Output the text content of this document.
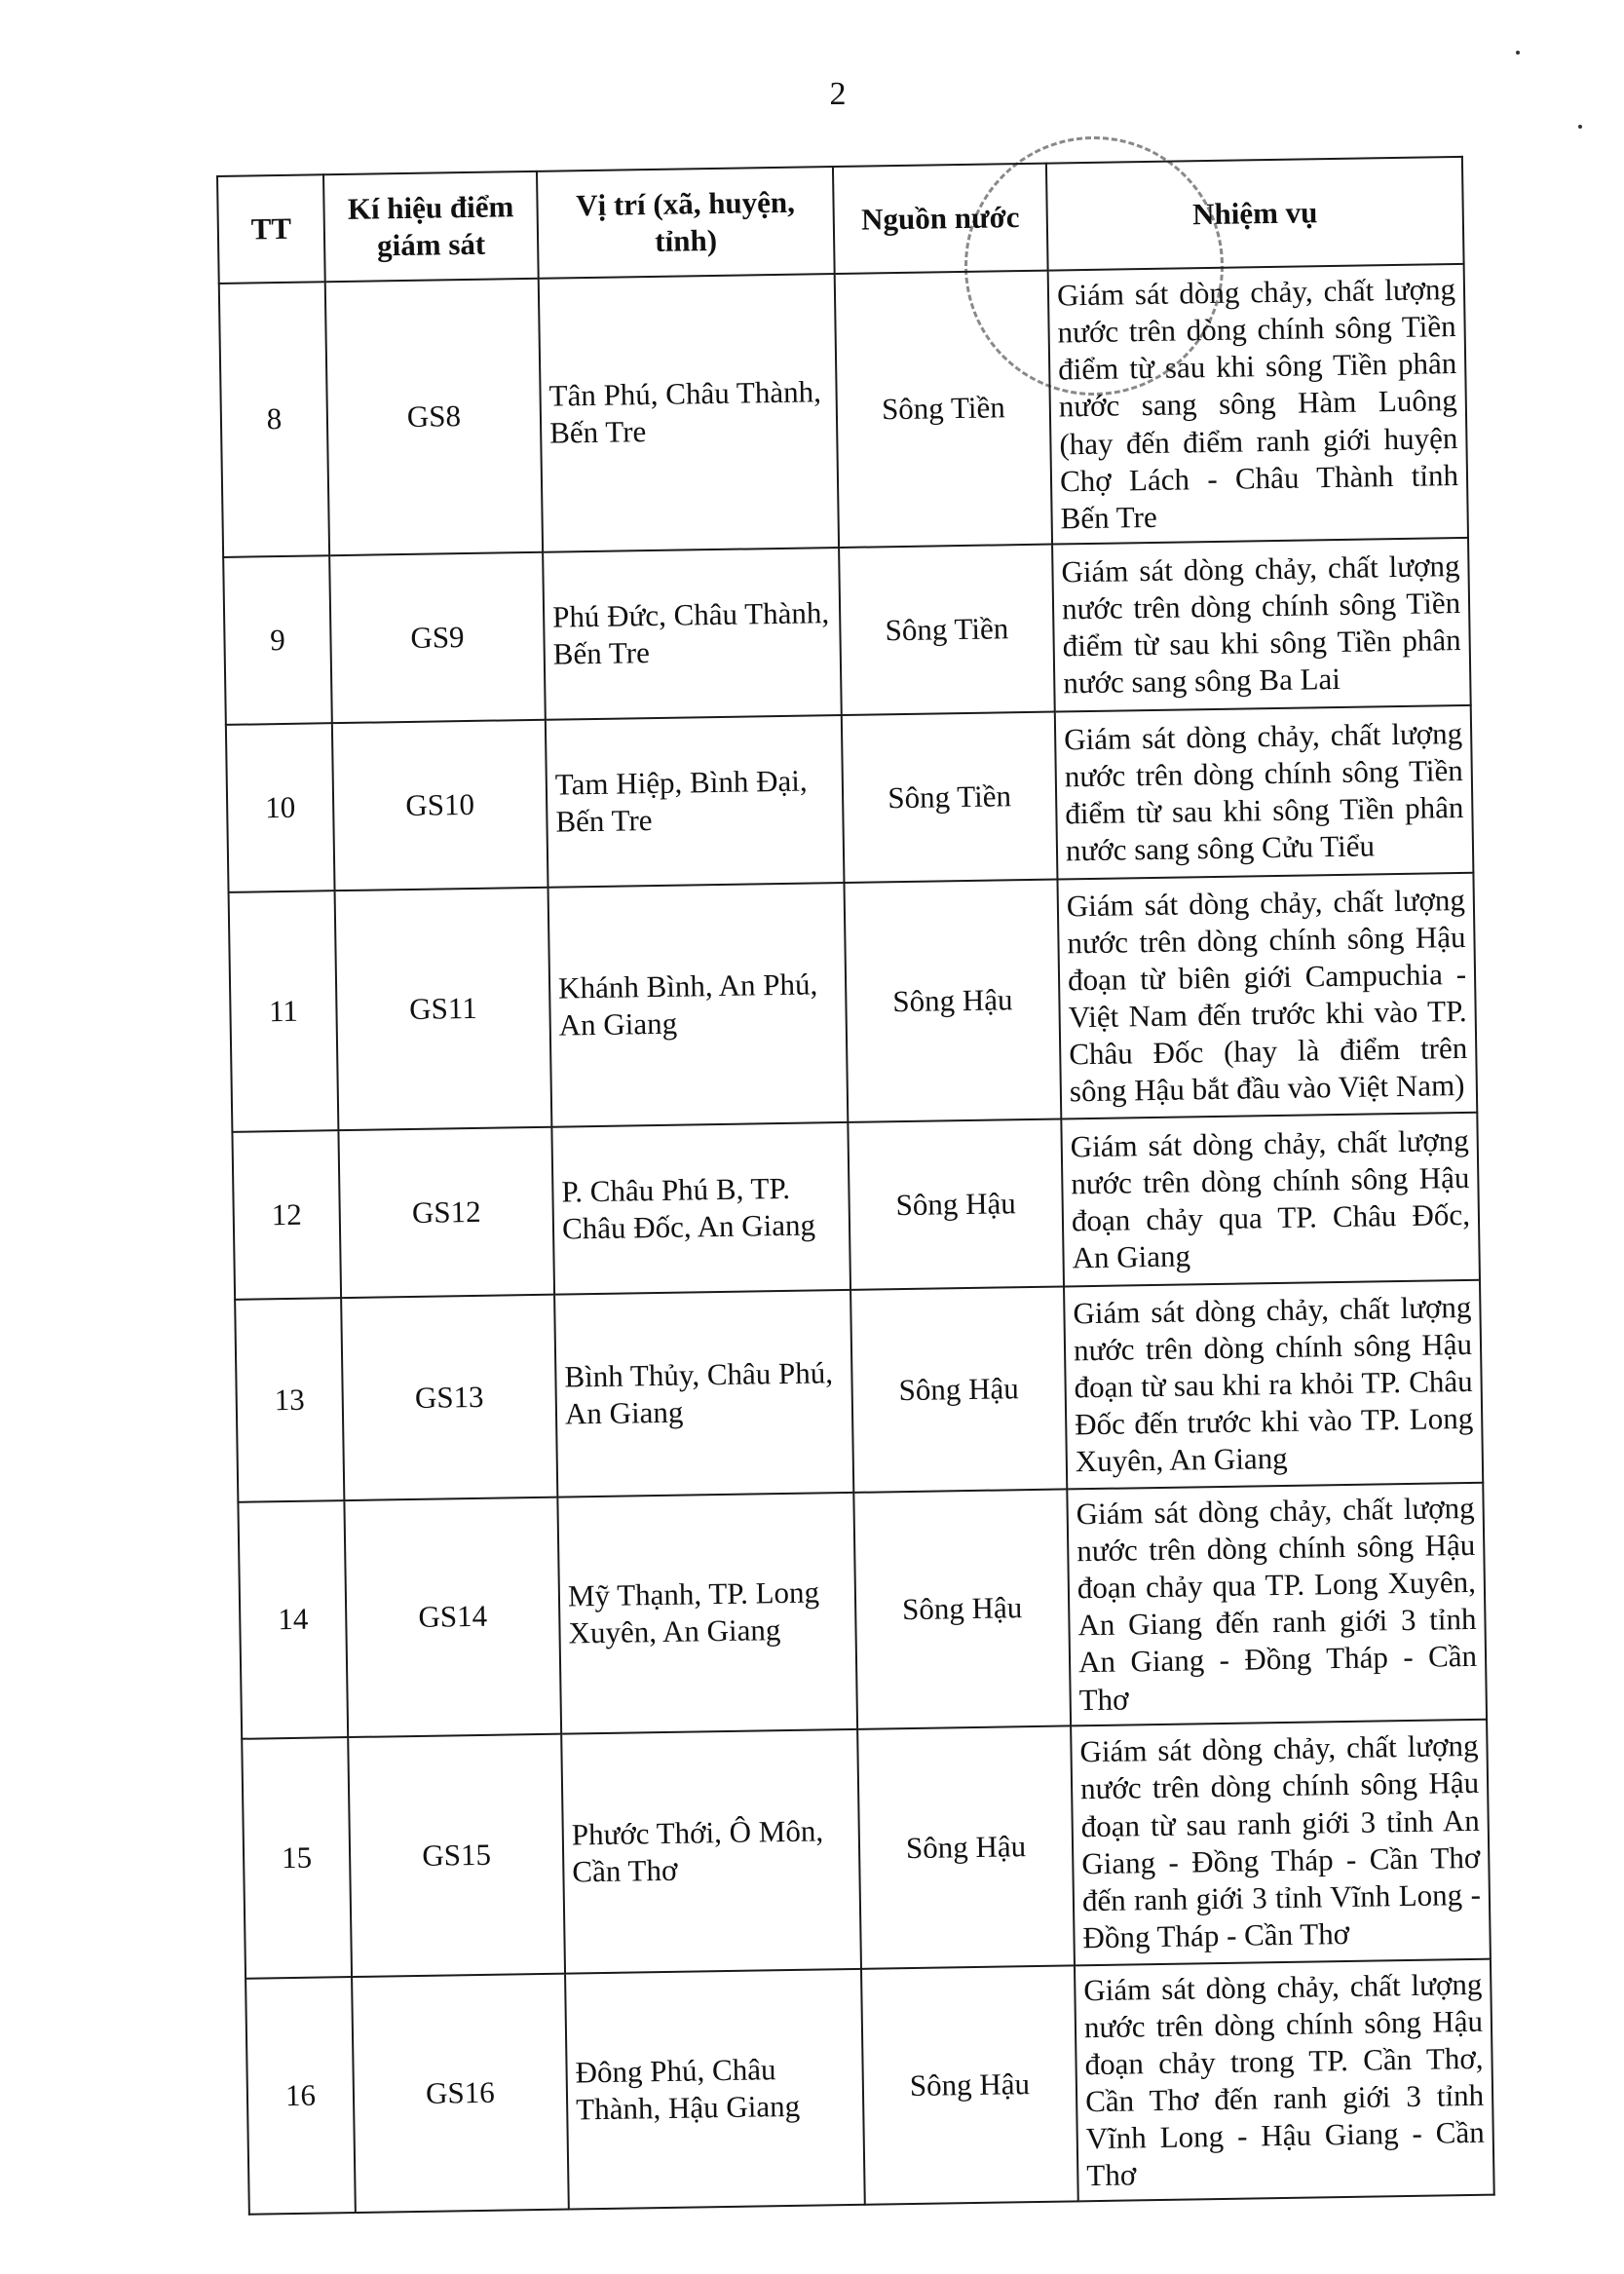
2
TT	Kí hiệu điểm giám sát	Vị trí (xã, huyện, tỉnh)	Nguồn nước	Nhiệm vụ
8	GS8	Tân Phú, Châu Thành, Bến Tre	Sông Tiền	Giám sát dòng chảy, chất lượng nước trên dòng chính sông Tiền điểm từ sau khi sông Tiền phân nước sang sông Hàm Luông (hay đến điểm ranh giới huyện Chợ Lách - Châu Thành tỉnh Bến Tre
9	GS9	Phú Đức, Châu Thành, Bến Tre	Sông Tiền	Giám sát dòng chảy, chất lượng nước trên dòng chính sông Tiền điểm từ sau khi sông Tiền phân nước sang sông Ba Lai
10	GS10	Tam Hiệp, Bình Đại, Bến Tre	Sông Tiền	Giám sát dòng chảy, chất lượng nước trên dòng chính sông Tiền điểm từ sau khi sông Tiền phân nước sang sông Cửu Tiểu
11	GS11	Khánh Bình, An Phú, An Giang	Sông Hậu	Giám sát dòng chảy, chất lượng nước trên dòng chính sông Hậu đoạn từ biên giới Campuchia - Việt Nam đến trước khi vào TP. Châu Đốc (hay là điểm trên sông Hậu bắt đầu vào Việt Nam)
12	GS12	P. Châu Phú B, TP. Châu Đốc, An Giang	Sông Hậu	Giám sát dòng chảy, chất lượng nước trên dòng chính sông Hậu đoạn chảy qua TP. Châu Đốc, An Giang
13	GS13	Bình Thủy, Châu Phú, An Giang	Sông Hậu	Giám sát dòng chảy, chất lượng nước trên dòng chính sông Hậu đoạn từ sau khi ra khỏi TP. Châu Đốc đến trước khi vào TP. Long Xuyên, An Giang
14	GS14	Mỹ Thạnh, TP. Long Xuyên, An Giang	Sông Hậu	Giám sát dòng chảy, chất lượng nước trên dòng chính sông Hậu đoạn chảy qua TP. Long Xuyên, An Giang đến ranh giới 3 tỉnh An Giang - Đồng Tháp - Cần Thơ
15	GS15	Phước Thới, Ô Môn, Cần Thơ	Sông Hậu	Giám sát dòng chảy, chất lượng nước trên dòng chính sông Hậu đoạn từ sau ranh giới 3 tỉnh An Giang - Đồng Tháp - Cần Thơ đến ranh giới 3 tỉnh Vĩnh Long - Đồng Tháp - Cần Thơ
16	GS16	Đông Phú, Châu Thành, Hậu Giang	Sông Hậu	Giám sát dòng chảy, chất lượng nước trên dòng chính sông Hậu đoạn chảy trong TP. Cần Thơ, Cần Thơ đến ranh giới 3 tỉnh Vĩnh Long - Hậu Giang - Cần Thơ
